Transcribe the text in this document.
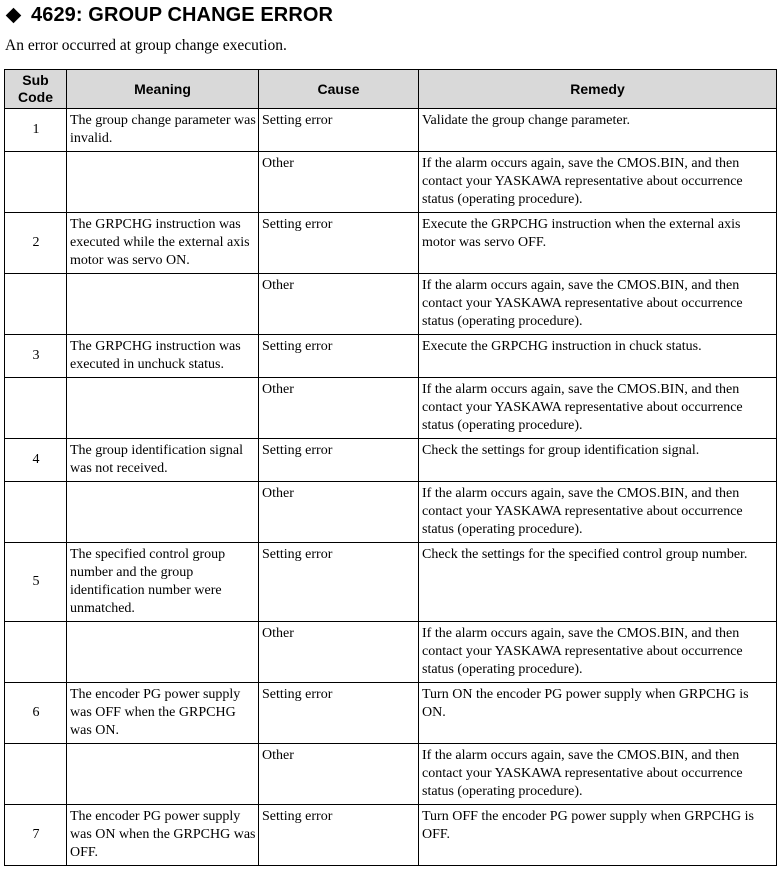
4629: GROUP CHANGE ERROR
An error occurred at group change execution.
Sub Code	Meaning	Cause	Remedy
1	The group change parameter was invalid.	Setting error	Validate the group change parameter.
		Other	If the alarm occurs again, save the CMOS.BIN, and then contact your YASKAWA representative about occurrence status (operating procedure).
2	The GRPCHG instruction was executed while the external axis motor was servo ON.	Setting error	Execute the GRPCHG instruction when the external axis motor was servo OFF.
		Other	If the alarm occurs again, save the CMOS.BIN, and then contact your YASKAWA representative about occurrence status (operating procedure).
3	The GRPCHG instruction was executed in unchuck status.	Setting error	Execute the GRPCHG instruction in chuck status.
		Other	If the alarm occurs again, save the CMOS.BIN, and then contact your YASKAWA representative about occurrence status (operating procedure).
4	The group identification signal was not received.	Setting error	Check the settings for group identification signal.
		Other	If the alarm occurs again, save the CMOS.BIN, and then contact your YASKAWA representative about occurrence status (operating procedure).
5	The specified control group number and the group identification number were unmatched.	Setting error	Check the settings for the specified control group number.
		Other	If the alarm occurs again, save the CMOS.BIN, and then contact your YASKAWA representative about occurrence status (operating procedure).
6	The encoder PG power supply was OFF when the GRPCHG was ON.	Setting error	Turn ON the encoder PG power supply when GRPCHG is ON.
		Other	If the alarm occurs again, save the CMOS.BIN, and then contact your YASKAWA representative about occurrence status (operating procedure).
7	The encoder PG power supply was ON when the GRPCHG was OFF.	Setting error	Turn OFF the encoder PG power supply when GRPCHG is OFF.
